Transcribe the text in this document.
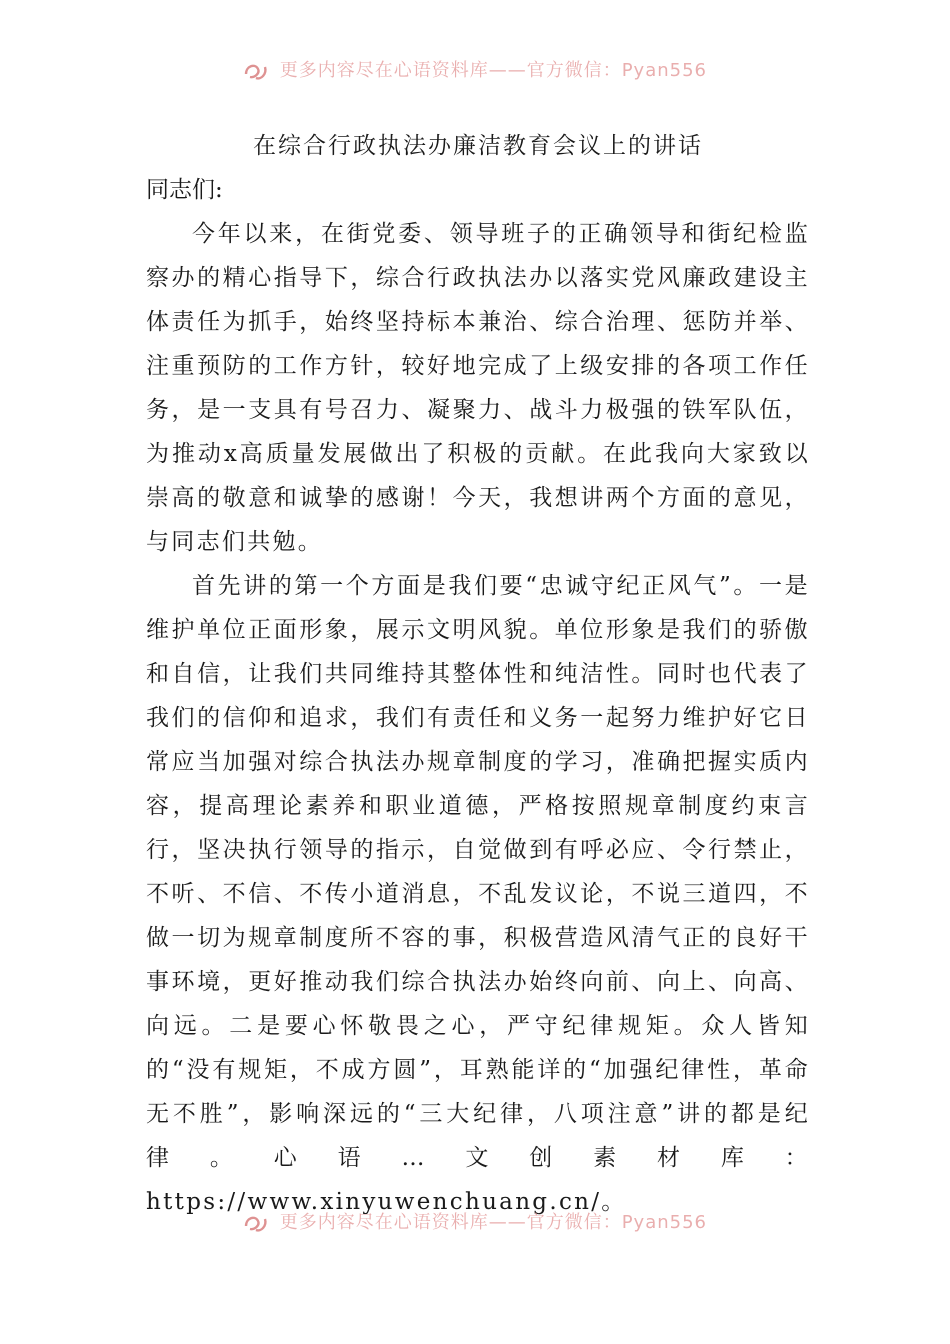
更多内容尽在心语资料库——官方微信：Pyan556
在综合行政执法办廉洁教育会议上的讲话

同志们:

今年以来，在街党委、领导班子的正确领导和街纪检监察办的精心指导下，综合行政执法办以落实党风廉政建设主体责任为抓手，始终坚持标本兼治、综合治理、惩防并举、注重预防的工作方针，较好地完成了上级安排的各项工作任务，是一支具有号召力、凝聚力、战斗力极强的铁军队伍，为推动x高质量发展做出了积极的贡献。在此我向大家致以崇高的敬意和诚挚的感谢！今天，我想讲两个方面的意见，与同志们共勉。

首先讲的第一个方面是我们要“忠诚守纪正风气”。一是维护单位正面形象，展示文明风貌。单位形象是我们的骄傲和自信，让我们共同维持其整体性和纯洁性。同时也代表了我们的信仰和追求，我们有责任和义务一起努力维护好它日常应当加强对综合执法办规章制度的学习，准确把握实质内容，提高理论素养和职业道德，严格按照规章制度约束言行，坚决执行领导的指示，自觉做到有呼必应、令行禁止，不听、不信、不传小道消息，不乱发议论，不说三道四，不做一切为规章制度所不容的事，积极营造风清气正的良好干事环境，更好推动我们综合执法办始终向前、向上、向高、向远。二是要心怀敬畏之心，严守纪律规矩。众人皆知的“没有规矩，不成方圆”，耳熟能详的“加强纪律性，革命无不胜”，影响深远的“三大纪律，八项注意”讲的都是纪律。心语…文创素材库：https://www.xinyuwenchuang.cn/。

更多内容尽在心语资料库——官方微信：Pyan556
